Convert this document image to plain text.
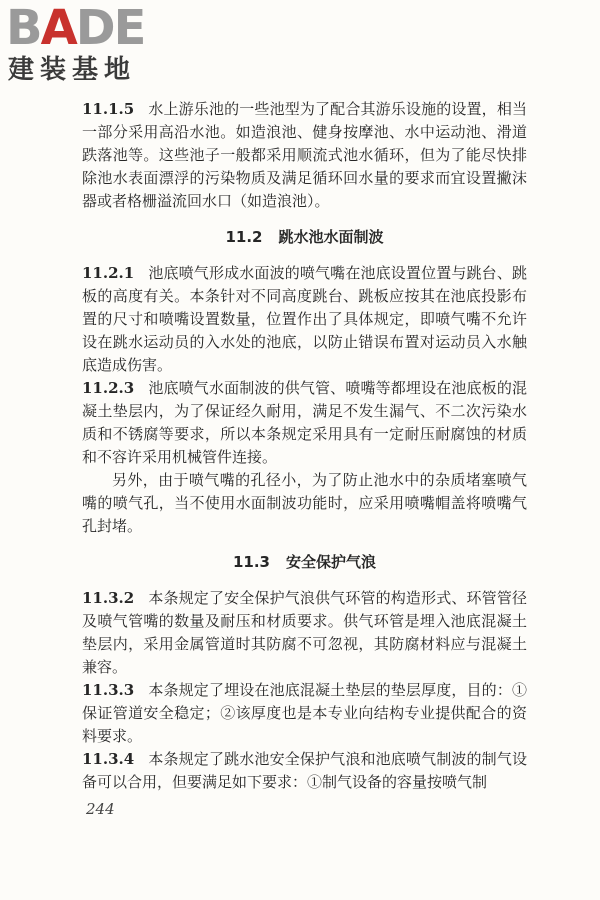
BADE
建装基地

11.1.5 水上游乐池的一些池型为了配合其游乐设施的设置，相当一部分采用高沿水池。如造浪池、健身按摩池、水中运动池、滑道跌落池等。这些池子一般都采用顺流式池水循环，但为了能尽快排除池水表面漂浮的污染物质及满足循环回水量的要求而宜设置撇沫器或者格栅溢流回水口（如造浪池）。

11.2 跳水池水面制波

11.2.1 池底喷气形成水面波的喷气嘴在池底设置位置与跳台、跳板的高度有关。本条针对不同高度跳台、跳板应按其在池底投影布置的尺寸和喷嘴设置数量，位置作出了具体规定，即喷气嘴不允许设在跳水运动员的入水处的池底，以防止错误布置对运动员入水触底造成伤害。

11.2.3 池底喷气水面制波的供气管、喷嘴等都埋设在池底板的混凝土垫层内，为了保证经久耐用，满足不发生漏气、不二次污染水质和不锈腐等要求，所以本条规定采用具有一定耐压耐腐蚀的材质和不容许采用机械管件连接。

另外，由于喷气嘴的孔径小，为了防止池水中的杂质堵塞喷气嘴的喷气孔，当不使用水面制波功能时，应采用喷嘴帽盖将喷嘴气孔封堵。

11.3 安全保护气浪

11.3.2 本条规定了安全保护气浪供气环管的构造形式、环管管径及喷气管嘴的数量及耐压和材质要求。供气环管是埋入池底混凝土垫层内，采用金属管道时其防腐不可忽视，其防腐材料应与混凝土兼容。

11.3.3 本条规定了埋设在池底混凝土垫层的垫层厚度，目的：①保证管道安全稳定；②该厚度也是本专业向结构专业提供配合的资料要求。

11.3.4 本条规定了跳水池安全保护气浪和池底喷气制波的制气设备可以合用，但要满足如下要求：①制气设备的容量按喷气制

244
